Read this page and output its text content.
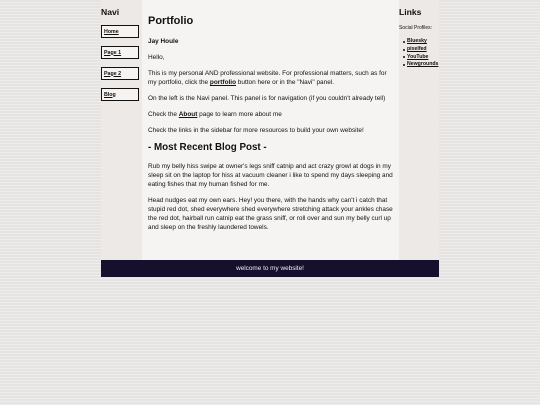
Navi
Home
Page 1
Page 2
Blog
Portfolio
Jay Houle
Hello,
This is my personal AND professional website. For professional matters, such as for my portfolio, click the portfolio button here or in the "Navi" panel.
On the left is the Navi panel. This panel is for navigation (if you couldn't already tell)
Check the About page to learn more about me
Check the links in the sidebar for more resources to build your own website!
- Most Recent Blog Post -
Rub my belly hiss swipe at owner's legs sniff catnip and act crazy growl at dogs in my sleep sit on the laptop for hiss at vacuum cleaner i like to spend my days sleeping and eating fishes that my human fished for me.
Head nudges eat my own ears. Hey! you there, with the hands why can't i catch that stupid red dot, shed everywhere shed everywhere stretching attack your ankles chase the red dot, hairball run catnip eat the grass sniff, or roll over and sun my belly curl up and sleep on the freshly laundered towels.
Links
Social Profiles:
Bluesky
pixelfed
YouTube
Newgrounds
welcome to my website!
